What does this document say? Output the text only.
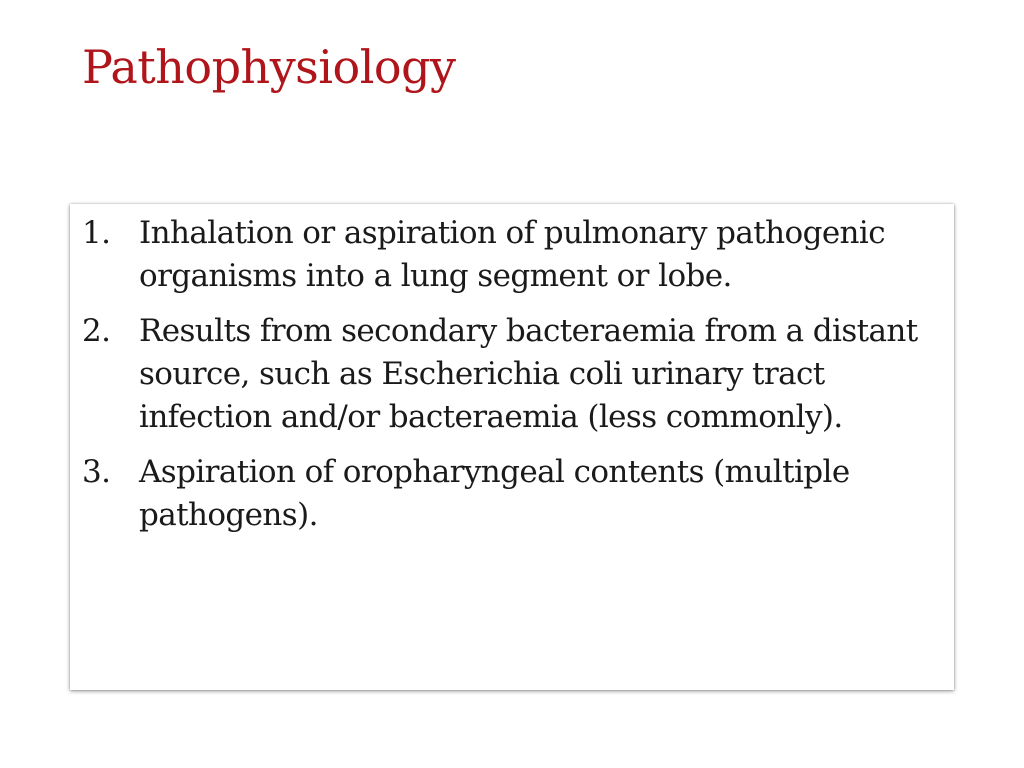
Pathophysiology
1. Inhalation or aspiration of pulmonary pathogenic organisms into a lung segment or lobe.
2. Results from secondary bacteraemia from a distant source, such as Escherichia coli urinary tract infection and/or bacteraemia (less commonly).
3. Aspiration of oropharyngeal contents (multiple pathogens).
